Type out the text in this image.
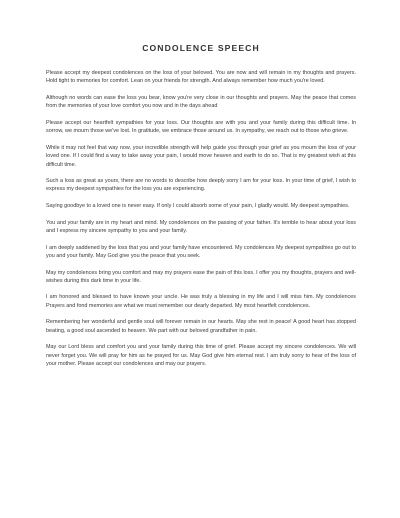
CONDOLENCE SPEECH

Please accept my deepest condolences on the loss of your beloved. You are now and will remain in my thoughts and prayers. Hold tight to memories for comfort. Lean on your friends for strength. And always remember how much you're loved.

Although no words can ease the loss you bear, know you're very close in our thoughts and prayers. May the peace that comes from the memories of your love comfort you now and in the days ahead

Please accept our heartfelt sympathies for your loss. Our thoughts are with you and your family during this difficult time. In sorrow, we mourn those we've lost. In gratitude, we embrace those around us. In sympathy, we reach out to those who grieve.

While it may not feel that way now, your incredible strength will help guide you through your grief as you mourn the loss of your loved one. If I could find a way to take away your pain, I would move heaven and earth to do so. That is my greatest wish at this difficult time.

Such a loss as great as yours, there are no words to describe how deeply sorry I am for your loss. In your time of grief, I wish to express my deepest sympathies for the loss you are experiencing.

Saying goodbye to a loved one is never easy. If only I could absorb some of your pain, I gladly would. My deepest sympathies.

You and your family are in my heart and mind. My condolences on the passing of your father. It's terrible to hear about your loss and I express my sincere sympathy to you and your family.

I am deeply saddened by the loss that you and your family have encountered. My condolences My deepest sympathies go out to you and your family. May God give you the peace that you seek.

May my condolences bring you comfort and may my prayers ease the pain of this loss. I offer you my thoughts, prayers and well-wishes during this dark time in your life.

I am honored and blessed to have known your uncle. He was truly a blessing in my life and I will miss him. My condolences Prayers and fond memories are what we must remember our dearly departed. My most heartfelt condolences.

Remembering her wonderful and gentle soul will forever remain in our hearts. May she rest in peace! A good heart has stopped beating, a good soul ascended to heaven. We part with our beloved grandfather in pain.

May our Lord bless and comfort you and your family during this time of grief. Please accept my sincere condolences. We will never forget you. We will pray for him as he prayed for us. May God give him eternal rest. I am truly sorry to hear of the loss of your mother. Please accept our condolences and may our prayers.
